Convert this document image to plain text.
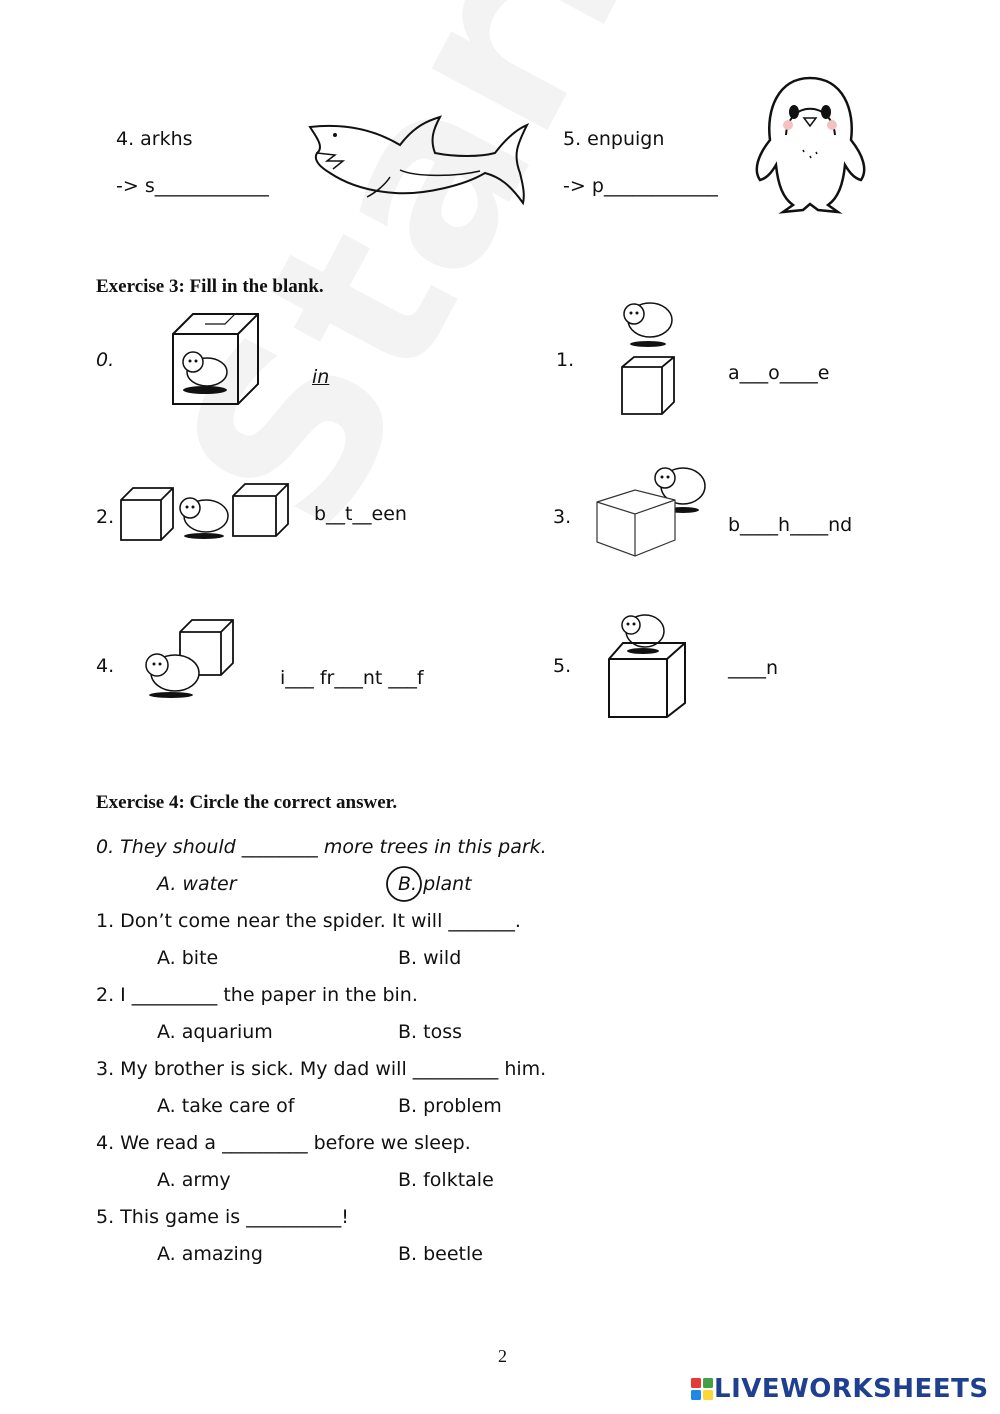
4. arkhs
-> s____________
5. enpuign
-> p____________
Exercise 3: Fill in the blank.
0.
in
1.
a___o____e
2.	b__t__een	3.	b____h____nd
4.
i___ fr___nt ___f
5.	____n
Exercise 4: Circle the correct answer.
0. They should ________ more trees in this park.
A. water	B. plant
1. Don’t come near the spider. It will _______.
A. bite	B. wild
2. I _________ the paper in the bin.
A. aquarium	B. toss
3. My brother is sick. My dad will _________ him.
A. take care of	B. problem
4. We read a _________ before we sleep.
A. army	B. folktale
5. This game is __________!
A. amazing	B. beetle
2
LIVEWORKSHEETS
